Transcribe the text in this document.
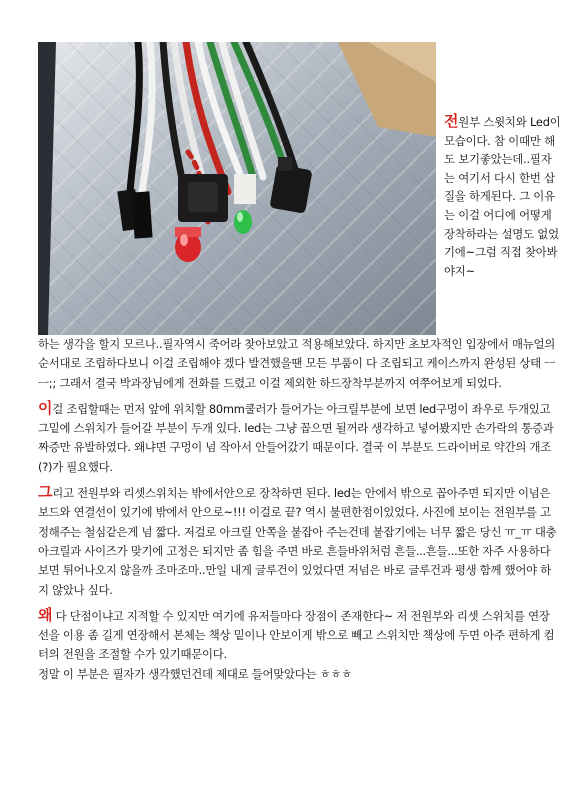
전원부 스윗치와 Led이 모습이다. 참 이때만 해도 보기좋았는데..필자는 여기서 다시 한번 삽질을 하게된다. 그 이유는 이걸 어디에 어떻게 장착하라는 설명도 없었기에~그럼 직접 찾아봐야지~

하는 생각을 할지 모르나..필자역시 죽어라 찾아보았고 적용해보았다. 하지만 초보자적인 입장에서 매뉴얼의 순서대로 조립하다보니 이걸 조립해야 겠다 발견했을땐 모든 부품이 다 조립되고 케이스까지 완성된 상태 ㅡㅡ;; 그래서 결국 박과장님에게 전화를 드렸고 이걸 제외한 하드장착부분까지 여쭈어보게 되었다.

이걸 조립할때는 먼저 앞에 위치할 80mm쿨러가 들어가는 아크릴부분에 보면 led구멍이 좌우로 두개있고 그밑에 스위치가 들어갈 부분이 두개 있다. led는 그냥 꼽으면 될꺼라 생각하고 넣어봤지만 손가락의 통증과 짜증만 유발하였다. 왜냐면 구멍이 넘 작아서 안들어갔기 때문이다. 결국 이 부분도 드라이버로 약간의 개조(?)가 필요했다.

그리고 전원부와 리셋스위치는 밖에서안으로 장착하면 된다. led는 안에서 밖으로 꼽아주면 되지만 이넘은 보드와 연결선이 있기에 밖에서 안으로~!!! 이걸로 끝? 역시 불편한점이있었다. 사진에 보이는 전원부를 고정해주는 철심같은게 넘 짧다. 저걸로 아크릴 안쪽을 붙잡아 주는건데 붙잡기에는 너무 짧은 당신 ㅠ_ㅠ 대충 아크릴과 사이즈가 맞기에 고정은 되지만 좀 힘을 주면 바로 흔들바위처럼 흔들...흔들...또한 자주 사용하다보면 튀어나오지 않을까 조마조마..만일 내게 글루건이 있었다면 저넘은 바로 글루건과 평생 함께 했어야 하지 않았나 싶다.

왜 다 단점이냐고 지적할 수 있지만 여기에 유저들마다 장점이 존재한다~ 저 전원부와 리셋 스위치를 연장선을 이용 좀 길게 연장해서 본체는 책상 밑이나 안보이게 밖으로 빼고 스위치만 책상에 두면 아주 편하게 컴터의 전원을 조절할 수가 있기때문이다.

정말 이 부분은 필자가 생각했던건데 제대로 들어맞았다는 ㅎㅎㅎ
